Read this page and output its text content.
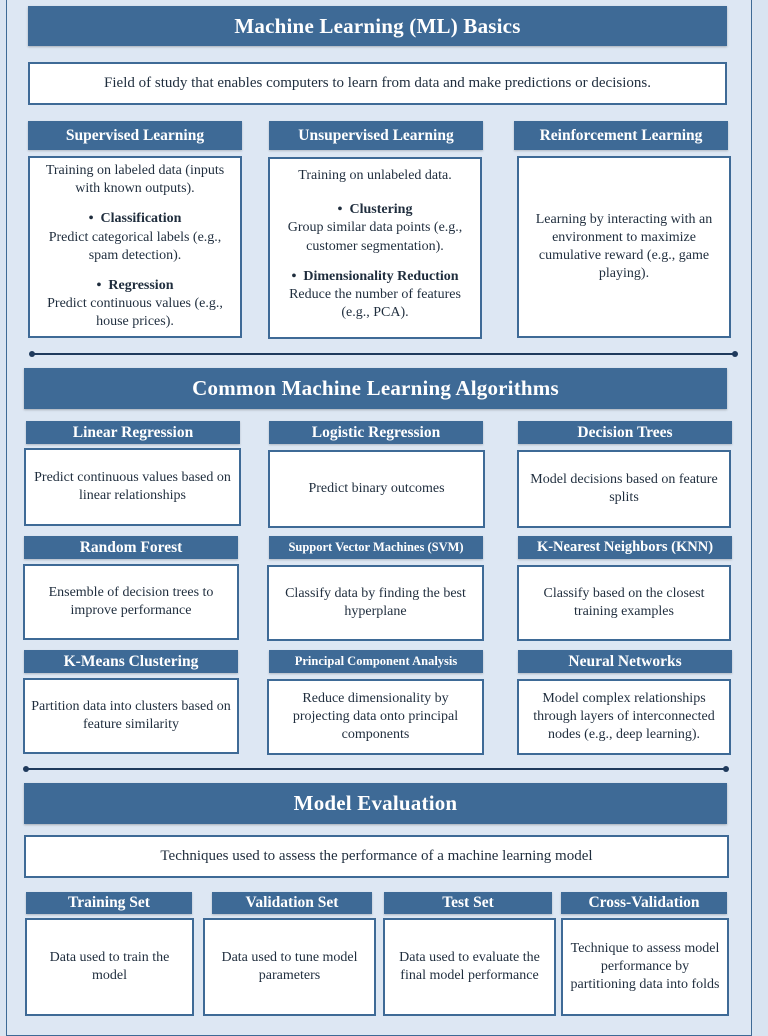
Machine Learning (ML) Basics
Field of study that enables computers to learn from data and make predictions or decisions.
Supervised Learning

Training on labeled data (inputs with known outputs).

•  Classification

Predict categorical labels (e.g., spam detection).

•  Regression

Predict continuous values (e.g., house prices).

Unsupervised Learning

Training on unlabeled data.

•  Clustering

Group similar data points (e.g., customer segmentation).

•  Dimensionality Reduction

Reduce the number of features (e.g., PCA).

Reinforcement Learning

Learning by interacting with an environment to maximize cumulative reward (e.g., game playing).

Common Machine Learning Algorithms
Linear Regression

Predict continuous values based on linear relationships

Logistic Regression

Predict binary outcomes

Decision Trees

Model decisions based on feature splits

Random Forest

Ensemble of decision trees to improve performance

Support Vector Machines (SVM)

Classify data by finding the best hyperplane

K-Nearest Neighbors (KNN)

Classify based on the closest training examples

K-Means Clustering

Partition data into clusters based on feature similarity

Principal Component Analysis

Reduce dimensionality by projecting data onto principal components

Neural Networks

Model complex relationships through layers of interconnected nodes (e.g., deep learning).

Model Evaluation
Techniques used to assess the performance of a machine learning model
Training Set

Data used to train the model

Validation Set

Data used to tune model parameters

Test Set

Data used to evaluate the final model performance

Cross-Validation

Technique to assess model performance by partitioning data into folds
